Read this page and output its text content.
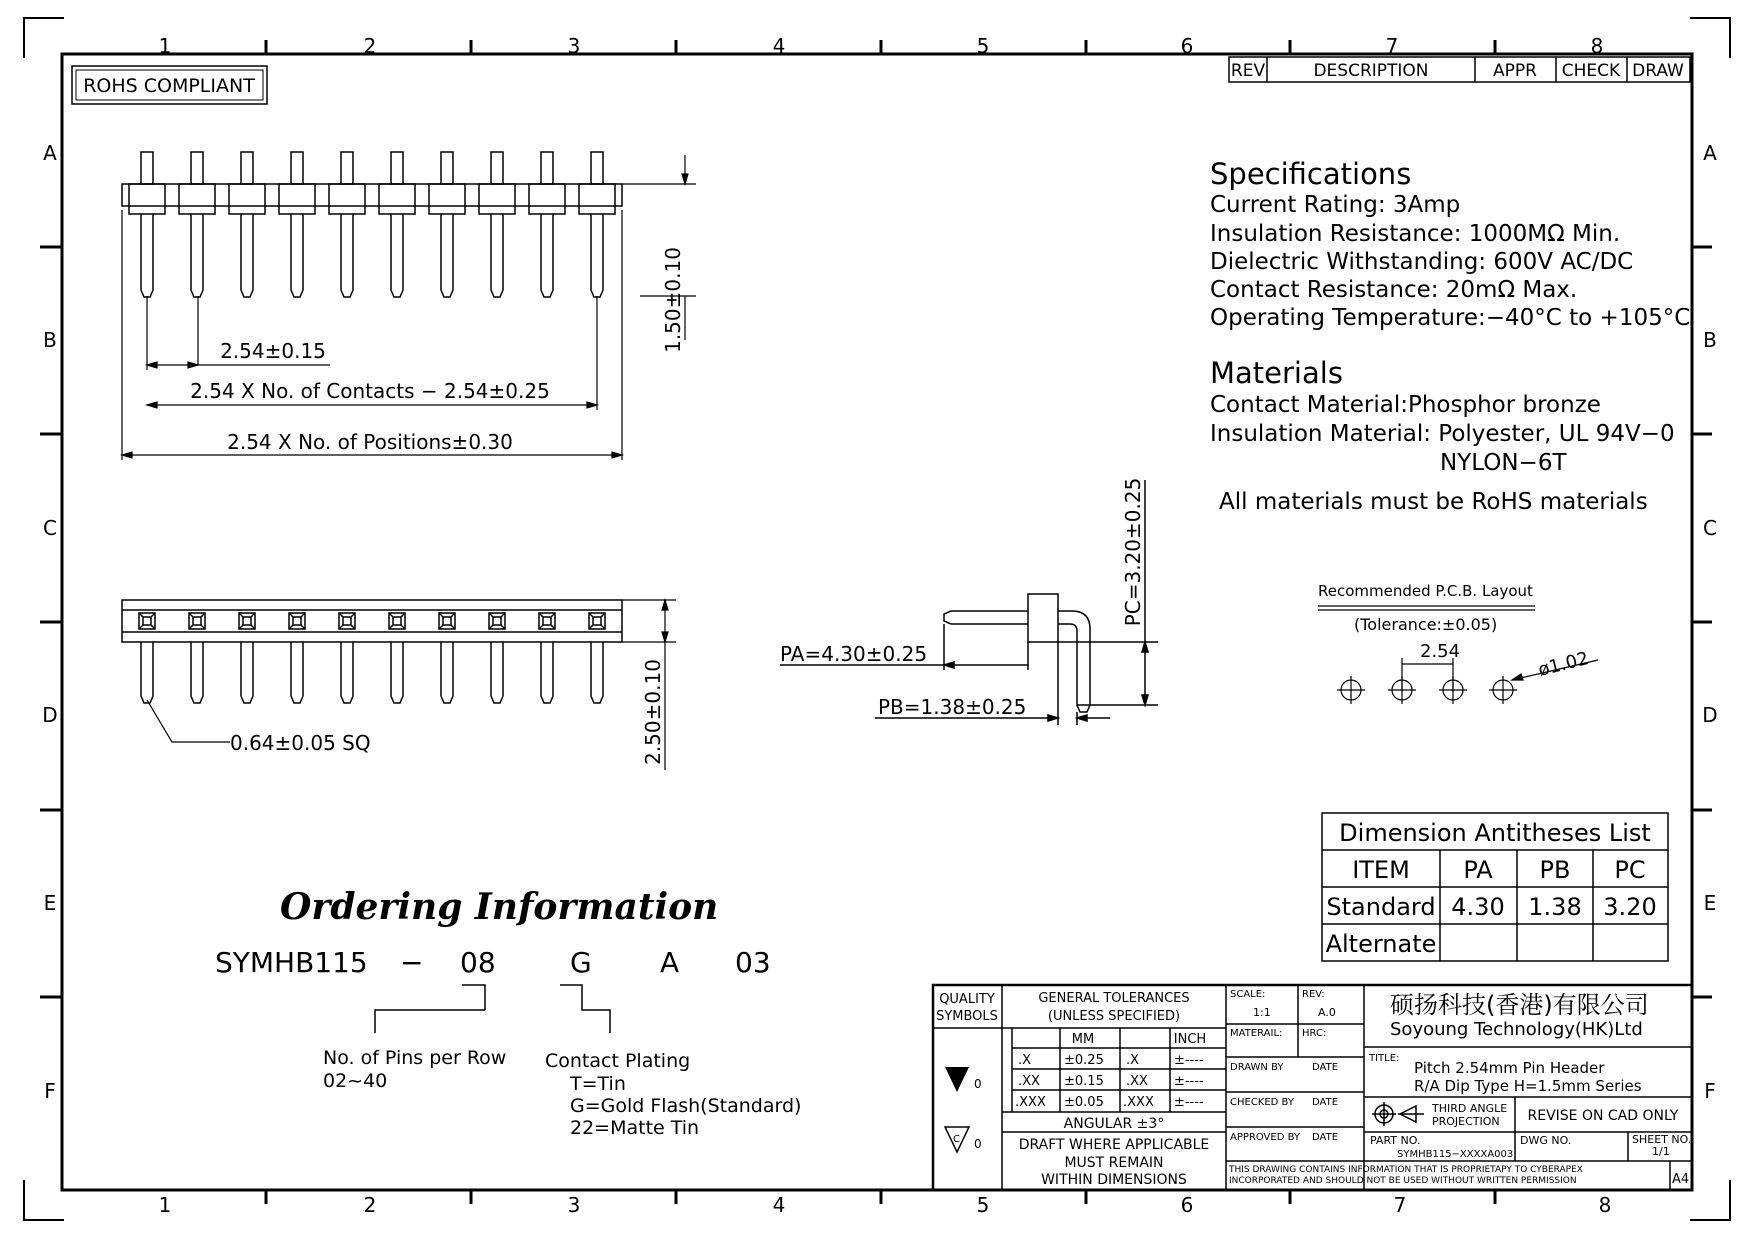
1	2	3	4	5	6	7	8
1	2	3	4	5	6	7	8
A
B
C
D
E
F
A
B
C
D
E
F
ROHS COMPLIANT
REV	DESCRIPTION	APPR CHECK DRAW
2.54±0.15
2.54 X No. of Contacts − 2.54±0.25
2.54 X No. of Positions±0.30
1.50±0.10
2.50±0.10
0.64±0.05 SQ
PA=4.30±0.25
PB=1.38±0.25
PC=3.20±0.25
Specifications
Current Rating: 3Amp
Insulation Resistance: 1000MΩ Min.
Dielectric Withstanding: 600V AC/DC
Contact Resistance: 20mΩ Max.
Operating Temperature:−40°C to +105°C
Materials
Contact Material:Phosphor bronze
Insulation Material: Polyester, UL 94V−0
NYLON−6T
All materials must be RoHS materials
Recommended P.C.B. Layout
(Tolerance:±0.05)
2.54	ø1.02
Dimension Antitheses List
ITEM PA PB PC
Standard 4.30 1.38 3.20
Alternate
Ordering Information
SYMHB115 − 08	G A 03
No. of Pins per Row
02~40
Contact Plating
T=Tin
G=Gold Flash(Standard)
22=Matte Tin
QUALITY
SYMBOLS
GENERAL TOLERANCES
(UNLESS SPECIFIED)
MM	INCH
.X	±0.25 .X	±----
.XX ±0.15 .XX ±----
.XXX ±0.05 .XXX ±----
ANGULAR ±3°
DRAFT WHERE APPLICABLE
MUST REMAIN
WITHIN DIMENSIONS
0
0
SCALE:
1:1
REV:
A.0
MATERAIL: HRC:
DRAWN BY	DATE
CHECKED BY DATE
APPROVED BY DATE
硕扬科技(香港)有限公司
Soyoung Technology(HK)Ltd
TITLE:
Pitch 2.54mm Pin Header
R/A Dip Type H=1.5mm Series
THIRD ANGLE
PROJECTION REVISE ON CAD ONLY
PART NO.
SYMHB115−XXXXA003
DWG NO.	SHEET NO.
1/1
THIS DRAWING CONTAINS INFORMATION THAT IS PROPRIETAPY TO CYBERAPEX
INCORPORATED AND SHOULD NOT BE USED WITHOUT WRITTEN PERMISSION	A4
C
